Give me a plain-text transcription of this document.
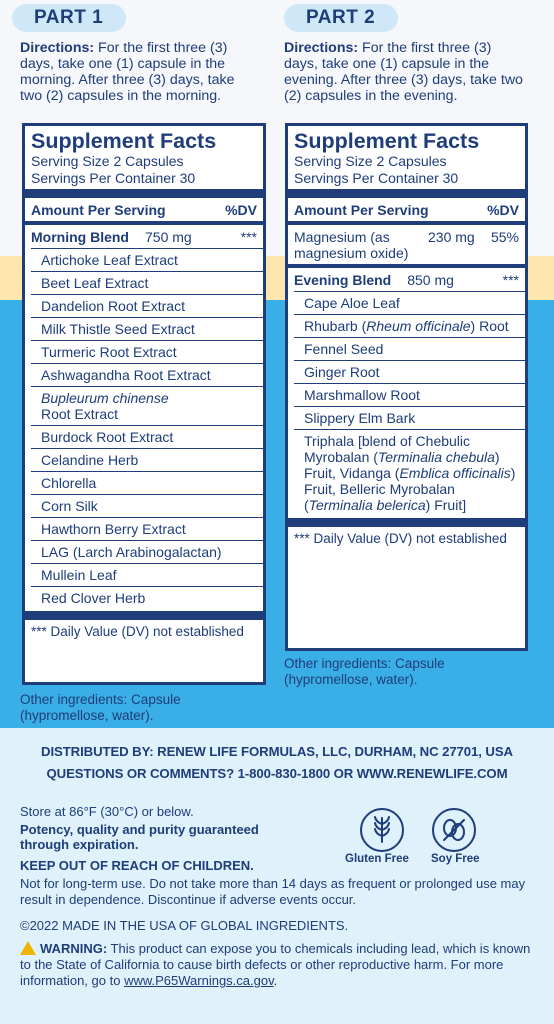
PART 1
Directions: For the first three (3) days, take one (1) capsule in the morning. After three (3) days, take two (2) capsules in the morning.
Supplement Facts
Serving Size 2 Capsules
Servings Per Container 30
Amount Per Serving	%DV
Morning Blend 750 mg	***
Artichoke Leaf Extract
Beet Leaf Extract
Dandelion Root Extract
Milk Thistle Seed Extract
Turmeric Root Extract
Ashwagandha Root Extract
Bupleurum chinense
Root Extract
Burdock Root Extract
Celandine Herb
Chlorella
Corn Silk
Hawthorn Berry Extract
LAG (Larch Arabinogalactan)
Mullein Leaf
Red Clover Herb
*** Daily Value (DV) not established
Other ingredients: Capsule (hypromellose, water).
PART 2
Directions: For the first three (3) days, take one (1) capsule in the evening. After three (3) days, take two (2) capsules in the evening.
Supplement Facts
Serving Size 2 Capsules
Servings Per Container 30
Amount Per Serving	%DV
Magnesium (as magnesium oxide)
230 mg 55%
Evening Blend 850 mg	***
Cape Aloe Leaf
Rhubarb (Rheum officinale) Root
Fennel Seed
Ginger Root
Marshmallow Root
Slippery Elm Bark
Triphala [blend of Chebulic Myrobalan (Terminalia chebula) Fruit, Vidanga (Emblica officinalis) Fruit, Belleric Myrobalan (Terminalia belerica) Fruit]
*** Daily Value (DV) not established
Other ingredients: Capsule (hypromellose, water).
DISTRIBUTED BY: RENEW LIFE FORMULAS, LLC, DURHAM, NC 27701, USA
QUESTIONS OR COMMENTS? 1-800-830-1800 OR WWW.RENEWLIFE.COM
Store at 86°F (30°C) or below.
Potency, quality and purity guaranteed through expiration.
KEEP OUT OF REACH OF CHILDREN.	Gluten Free Soy Free
Not for long-term use. Do not take more than 14 days as frequent or prolonged use may result in dependence. Discontinue if adverse events occur.
©2022 MADE IN THE USA OF GLOBAL INGREDIENTS.
WARNING: This product can expose you to chemicals including lead, which is known to the State of California to cause birth defects or other reproductive harm. For more information, go to www.P65Warnings.ca.gov.
